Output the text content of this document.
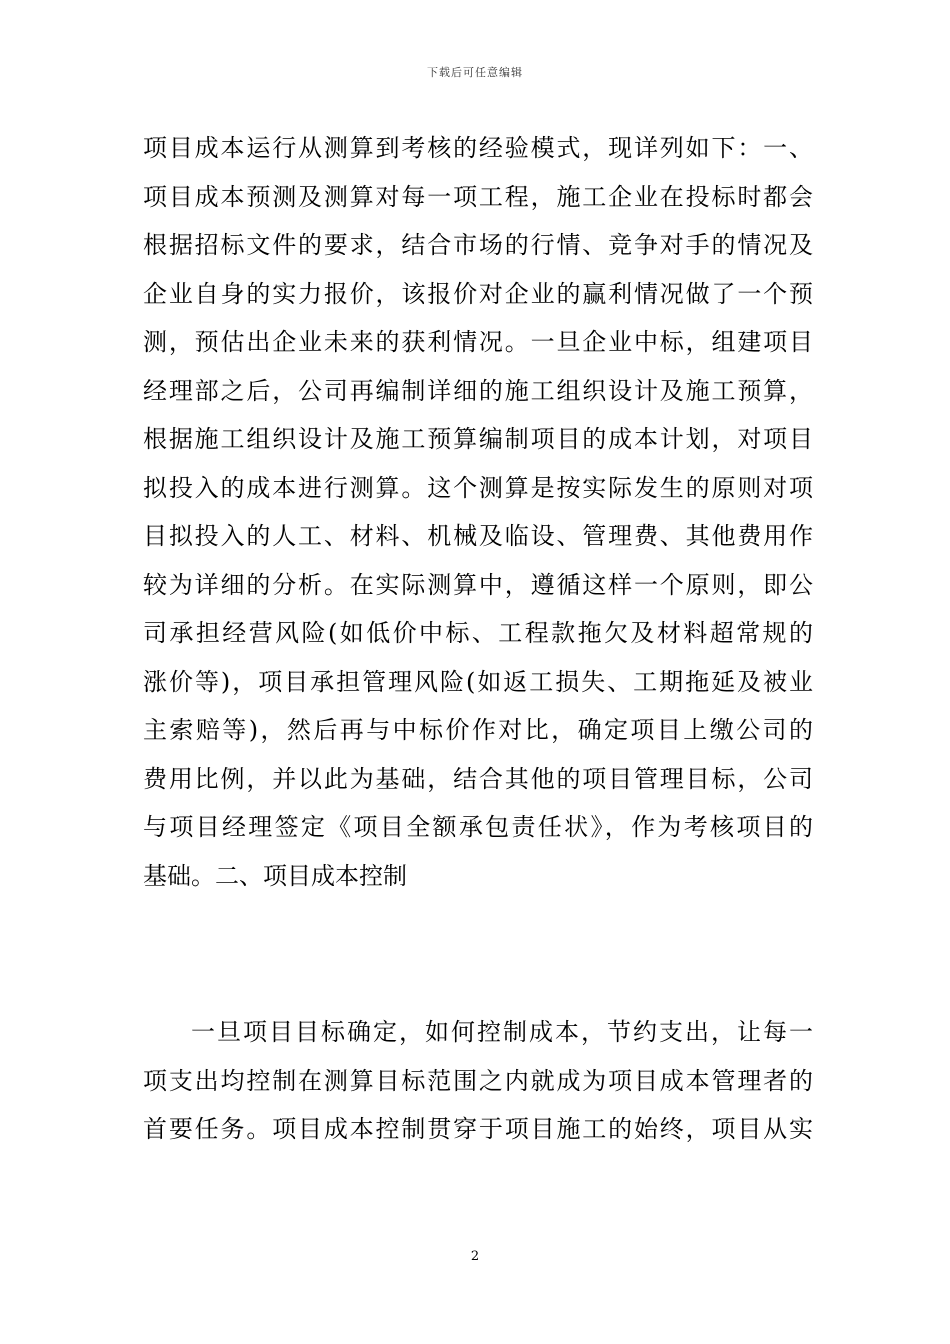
下载后可任意编辑
项目成本运行从测算到考核的经验模式，现详列如下：一、
项目成本预测及测算对每一项工程，施工企业在投标时都会
根据招标文件的要求，结合市场的行情、竞争对手的情况及
企业自身的实力报价，该报价对企业的赢利情况做了一个预
测，预估出企业未来的获利情况。一旦企业中标，组建项目
经理部之后，公司再编制详细的施工组织设计及施工预算，
根据施工组织设计及施工预算编制项目的成本计划，对项目
拟投入的成本进行测算。这个测算是按实际发生的原则对项
目拟投入的人工、材料、机械及临设、管理费、其他费用作
较为详细的分析。在实际测算中，遵循这样一个原则，即公
司承担经营风险(如低价中标、工程款拖欠及材料超常规的
涨价等)，项目承担管理风险(如返工损失、工期拖延及被业
主索赔等)，然后再与中标价作对比，确定项目上缴公司的
费用比例，并以此为基础，结合其他的项目管理目标，公司
与项目经理签定《项目全额承包责任状》，作为考核项目的
基础。二、项目成本控制
一旦项目目标确定，如何控制成本，节约支出，让每一
项支出均控制在测算目标范围之内就成为项目成本管理者的
首要任务。项目成本控制贯穿于项目施工的始终，项目从实
2
